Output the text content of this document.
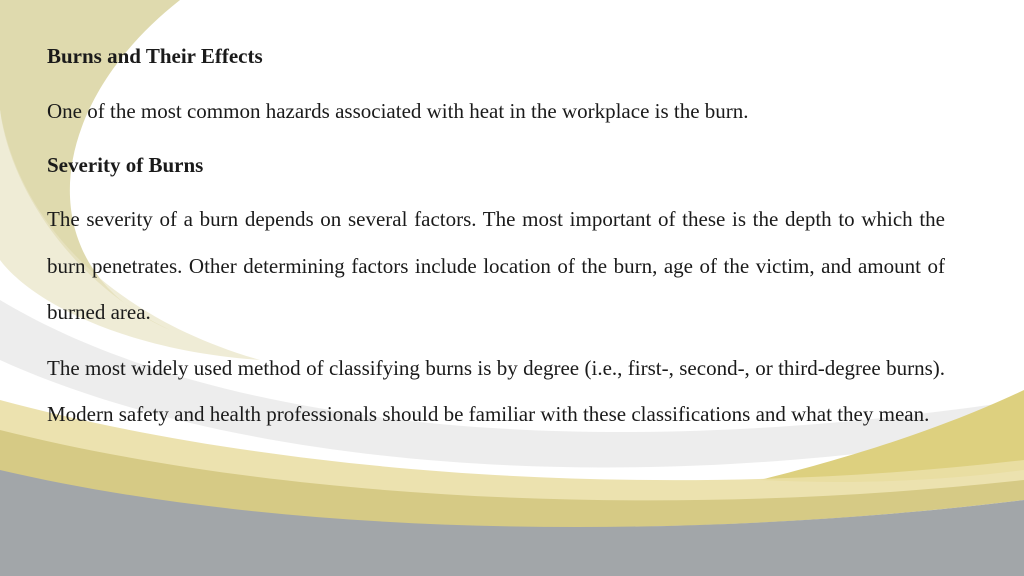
Burns and Their Effects

One of the most common hazards associated with heat in the workplace is the burn.

Severity of Burns

The severity of a burn depends on several factors. The most important of these is the depth to which the burn penetrates. Other determining factors include location of the burn, age of the victim, and amount of burned area.

The most widely used method of classifying burns is by degree (i.e., first-, second-, or third-degree burns). Modern safety and health professionals should be familiar with these classifications and what they mean.
